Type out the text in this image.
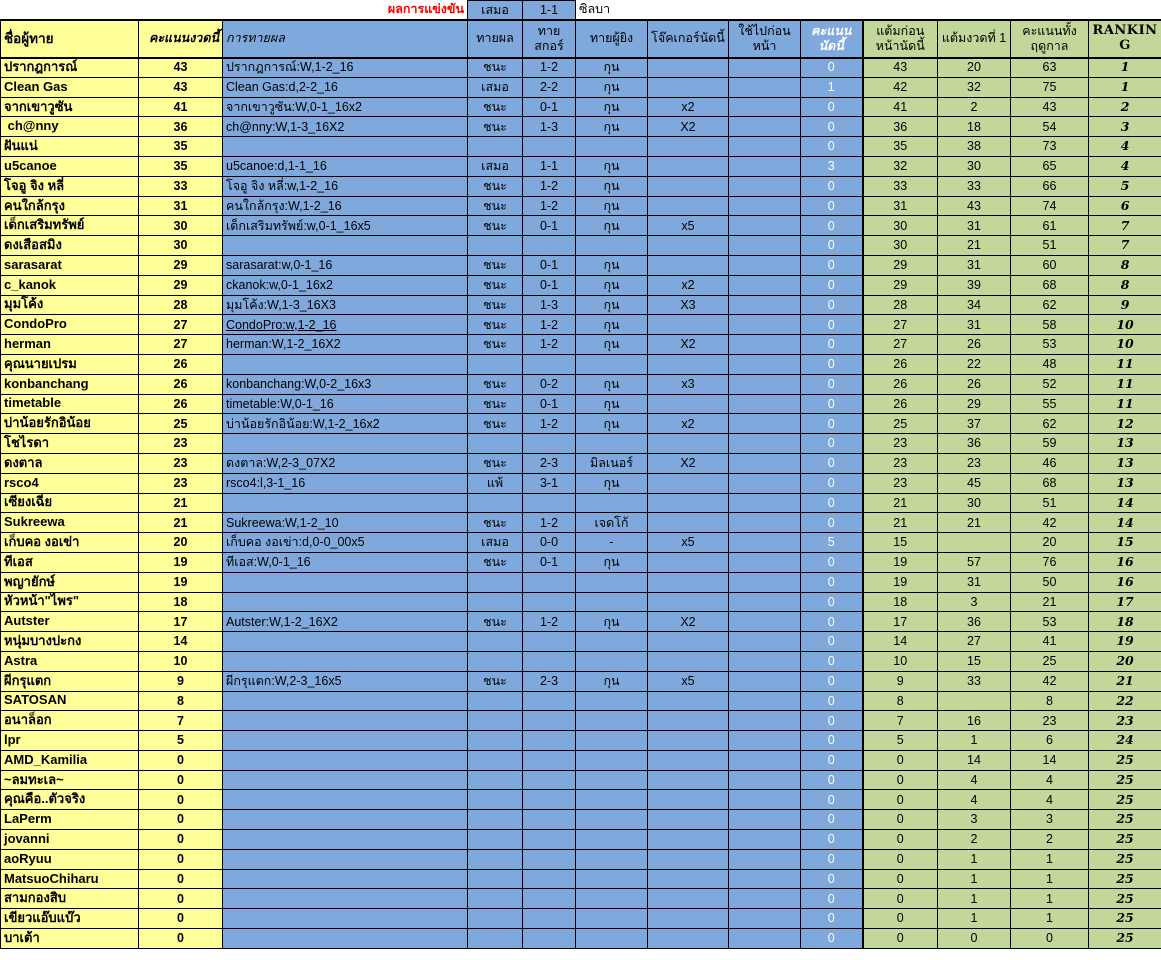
		ผลการแข่งขัน	เสมอ	1-1	ซิลบา							
ชื่อผู้ทาย	คะแนนงวดนี้	การทายผล	ทายผล	ทายสกอร์	ทายผู้ยิง	โจ๊คเกอร์นัดนี้	ใช้ไปก่อนหน้า	คะแนนนัดนี้	แต้มก่อนหน้านัดนี้	แต้มงวดที่ 1	คะแนนทั้งฤดูกาล	RANKING
ปรากฎการณ์	43	ปรากฎการณ์:W,1-2_16	ชนะ	1-2	กุน			0	43	20	63	1
Clean Gas	43	Clean Gas:d,2-2_16	เสมอ	2-2	กุน			1	42	32	75	1
จากเขาวูซัน	41	จากเขาวูซัน:W,0-1_16x2	ชนะ	0-1	กุน	x2		0	41	2	43	2
ch@nny	36	ch@nny:W,1-3_16X2	ชนะ	1-3	กุน	X2		0	36	18	54	3
ฝันแน่	35							0	35	38	73	4
u5canoe	35	u5canoe:d,1-1_16	เสมอ	1-1	กุน			3	32	30	65	4
โจอู จิง หลี่	33	โจอู จิง หลี่:w,1-2_16	ชนะ	1-2	กุน			0	33	33	66	5
คนใกล้กรุง	31	คนใกล้กรุง:W,1-2_16	ชนะ	1-2	กุน			0	31	43	74	6
เด็กเสริมทรัพย์	30	เด็กเสริมทรัพย์:w,0-1_16x5	ชนะ	0-1	กุน	x5		0	30	31	61	7
ดงเสือสมิง	30							0	30	21	51	7
sarasarat	29	sarasarat:w,0-1_16	ชนะ	0-1	กุน			0	29	31	60	8
c_kanok	29	ckanok:w,0-1_16x2	ชนะ	0-1	กุน	x2		0	29	39	68	8
มุมโค้ง	28	มุมโค้ง:W,1-3_16X3	ชนะ	1-3	กุน	X3		0	28	34	62	9
CondoPro	27	CondoPro:w,1-2_16	ชนะ	1-2	กุน			0	27	31	58	10
herman	27	herman:W,1-2_16X2	ชนะ	1-2	กุน	X2		0	27	26	53	10
คุณนายเปรม	26							0	26	22	48	11
konbanchang	26	konbanchang:W,0-2_16x3	ชนะ	0-2	กุน	x3		0	26	26	52	11
timetable	26	timetable:W,0-1_16	ชนะ	0-1	กุน			0	26	29	55	11
บ่าน้อยรักอิน้อย	25	บ่าน้อยรักอิน้อย:W,1-2_16x2	ชนะ	1-2	กุน	x2		0	25	37	62	12
โชไรดา	23							0	23	36	59	13
ดงตาล	23	ดงตาล:W,2-3_07X2	ชนะ	2-3	มิลเนอร์	X2		0	23	23	46	13
rsco4	23	rsco4:l,3-1_16	แพ้	3-1	กุน			0	23	45	68	13
เซียงเฉี่ย	21							0	21	30	51	14
Sukreewa	21	Sukreewa:W,1-2_10	ชนะ	1-2	เจดโก้			0	21	21	42	14
เก็บคอ งอเข่า	20	เก็บคอ งอเข่า:d,0-0_00x5	เสมอ	0-0	-	x5		5	15		20	15
ทีเอส	19	ทีเอส:W,0-1_16	ชนะ	0-1	กุน			0	19	57	76	16
พญายักษ์	19							0	19	31	50	16
หัวหน้า"ไพร"	18							0	18	3	21	17
Autster	17	Autster:W,1-2_16X2	ชนะ	1-2	กุน	X2		0	17	36	53	18
หนุ่มบางปะกง	14							0	14	27	41	19
Astra	10							0	10	15	25	20
ผีกรุแตก	9	ผีกรุแตก:W,2-3_16x5	ชนะ	2-3	กุน	x5		0	9	33	42	21
SATOSAN	8							0	8		8	22
อนาล็อก	7							0	7	16	23	23
lpr	5							0	5	1	6	24
AMD_Kamilia	0							0	0	14	14	25
~ลมทะเล~	0							0	0	4	4	25
คุณคือ..ตัวจริง	0							0	0	4	4	25
LaPerm	0							0	0	3	3	25
jovanni	0							0	0	2	2	25
aoRyuu	0							0	0	1	1	25
MatsuoChiharu	0							0	0	1	1	25
สามกองสิบ	0							0	0	1	1	25
เขียวแอ๊บแบ๊ว	0							0	0	1	1	25
บาเต้า	0							0	0	0	0	25
